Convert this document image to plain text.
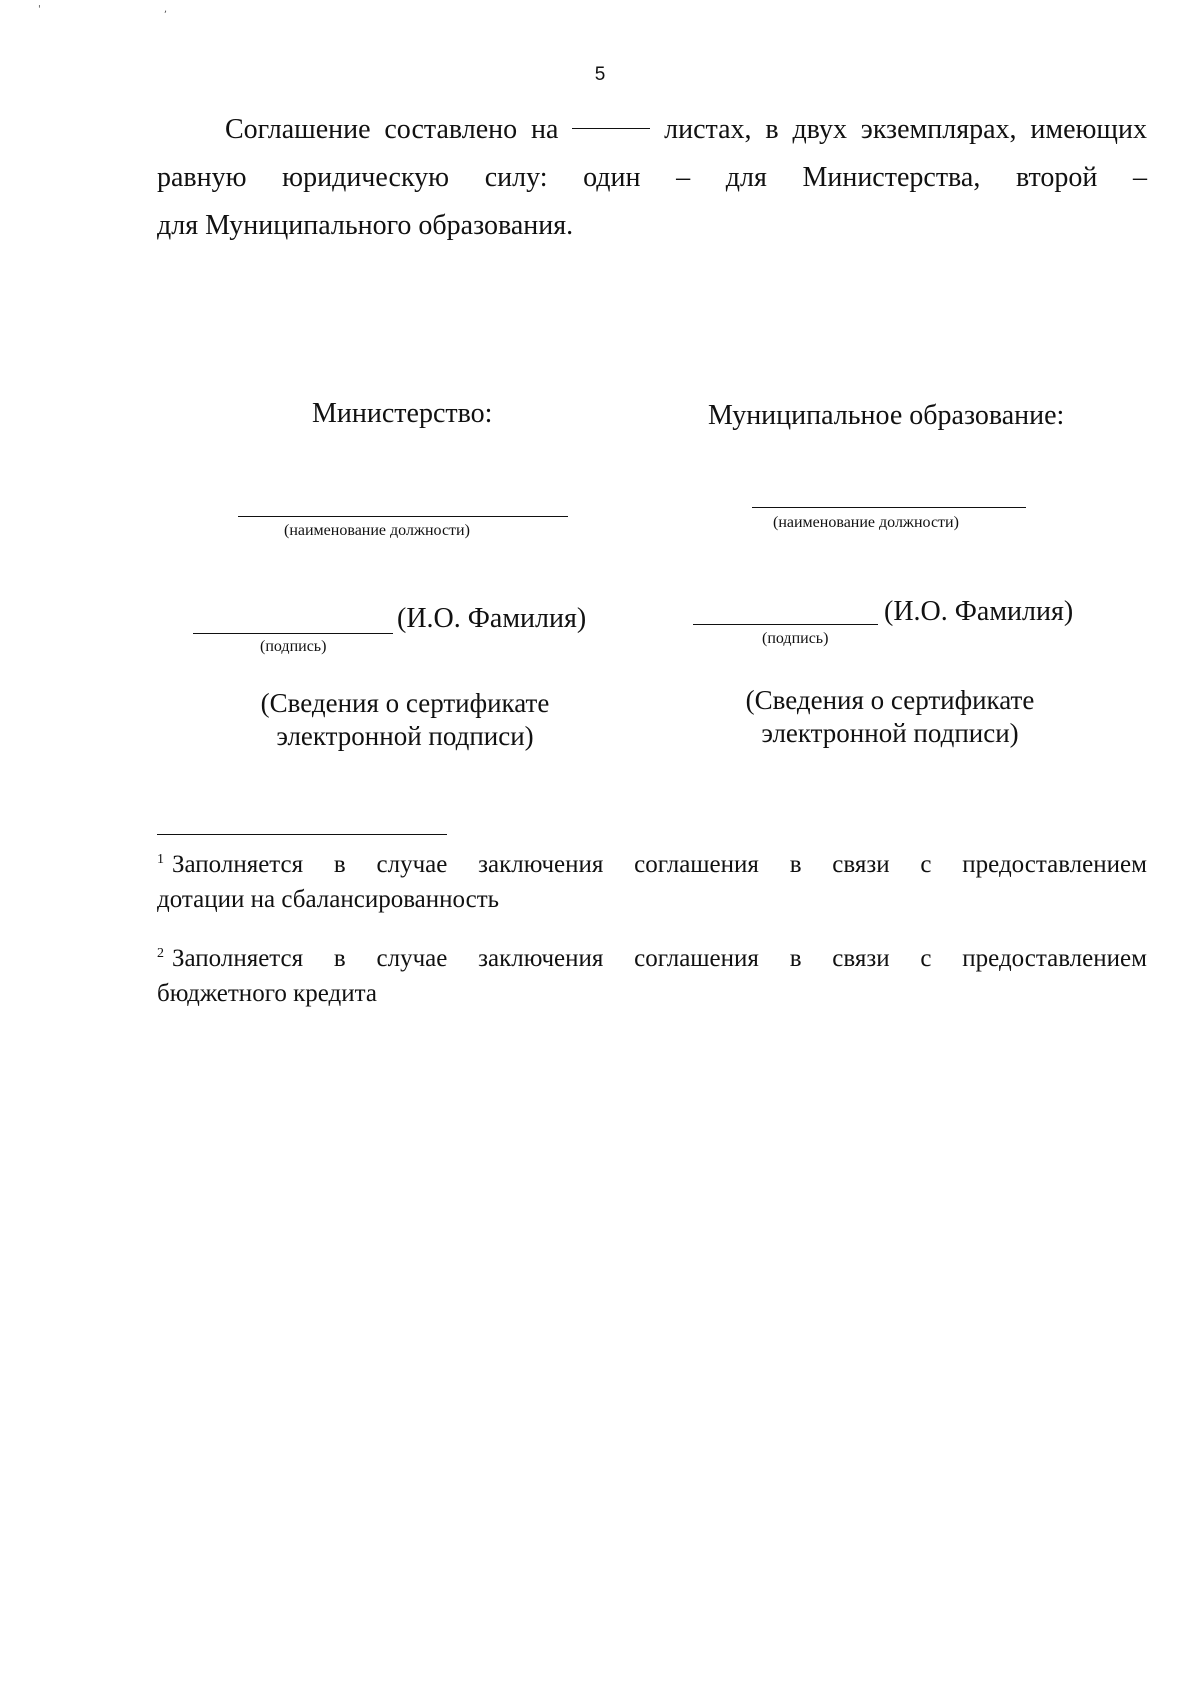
' ,
5
Соглашение составлено на	листах, в двух экземплярах, имеющих
равную юридическую силу: один – для Министерства, второй –
для Муниципального образования.
Министерство:
(наименование должности)
(И.О. Фамилия)
(подпись)
(Сведения о сертификате
электронной подписи)
Муниципальное образование:
(наименование должности)
(И.О. Фамилия)
(подпись)
(Сведения о сертификате
электронной подписи)
$^1$ Заполняется в случае заключения соглашения в связи с предоставлением
дотации на сбалансированность
$^2$ Заполняется в случае заключения соглашения в связи с предоставлением
бюджетного кредита
